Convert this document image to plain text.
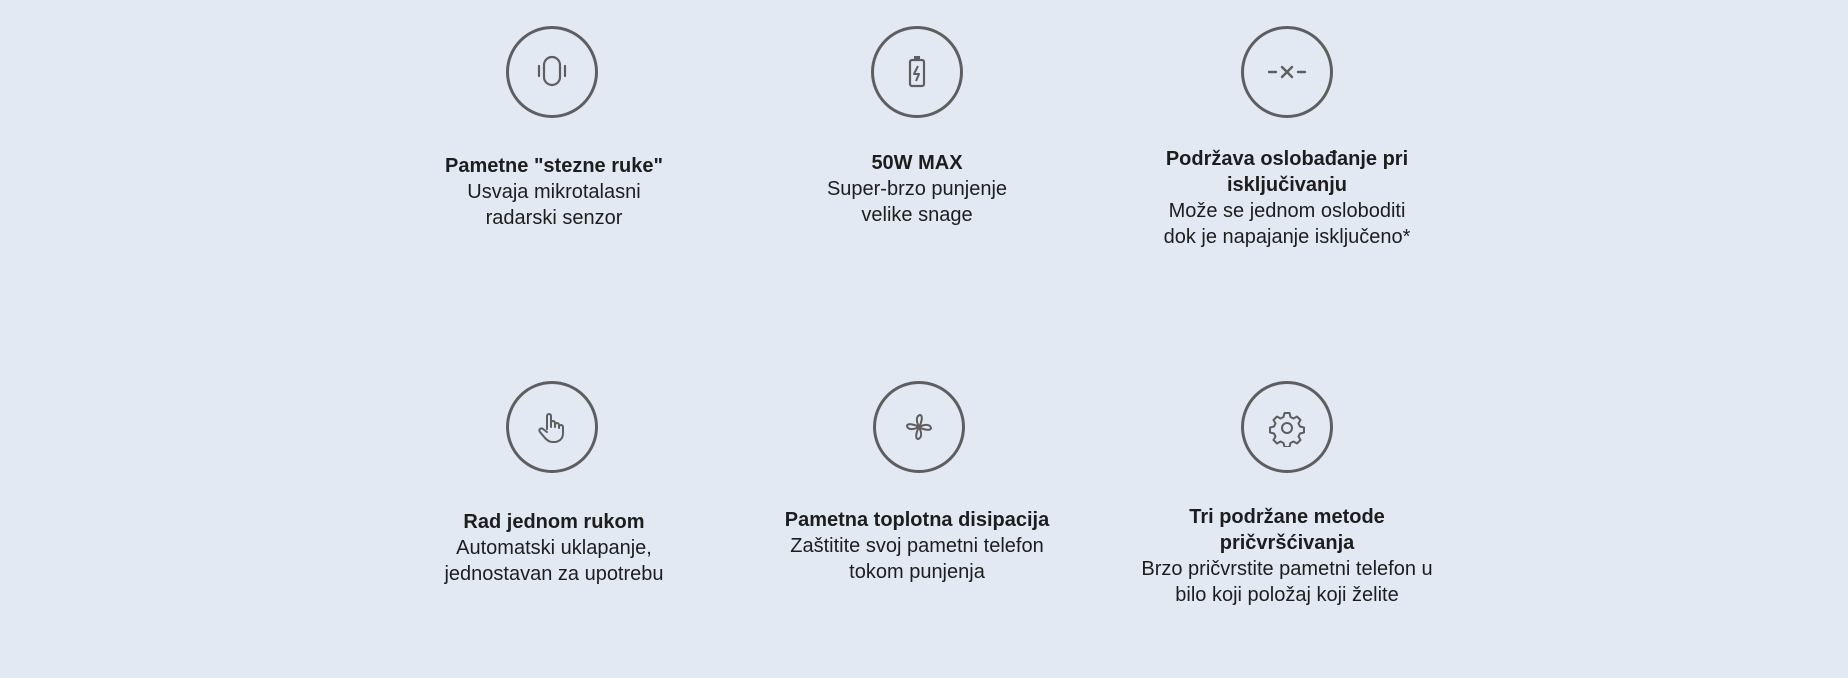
Pametne "stezne ruke"
Usvaja mikrotalasni
radarski senzor
50W MAX
Super-brzo punjenje
velike snage
Podržava oslobađanje pri
isključivanju
Može se jednom osloboditi
dok je napajanje isključeno*
Rad jednom rukom
Automatski uklapanje,
jednostavan za upotrebu
Pametna toplotna disipacija
Zaštitite svoj pametni telefon
tokom punjenja
Tri podržane metode
pričvršćivanja
Brzo pričvrstite pametni telefon u
bilo koji položaj koji želite
